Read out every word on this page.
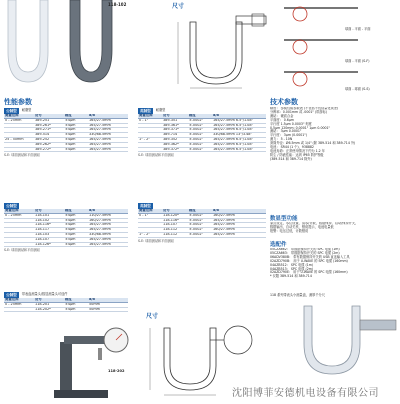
118-102	尺寸
球面 - 平面 - 平面
球面 - 平面 (S-F)
球面 - 球面 (S-S)
性能参数
公制型	耐磨型
测量范围	货号	精度	a/b
0 - 25mm	389-251	±4μm	165/27.5mm
	389-261*	±4μm	165/27.5mm
	389-271*	±4μm	165/27.5mm
	389-514	±4μm	330/88.5mm
25 - 50mm	389-252	±4μm	165/27.5mm
	389-262*	±4μm	165/27.5mm
	389-272*	±4μm	165/27.5mm
S-E: 球面测砧和平面测砧
公制型
测量范围	货号	精度	a/b
0 - 25mm	118-101	±4μm	110/27.5mm
	118-102	±4μm	160/27.5mm
	118-116*	±4μm	165/27.5mm
	118-117	±4μm	165/27.5mm
	118-103	±5μm	330/88.5mm
	118-107	±5μm	165/27.5mm
	118-126*	±4μm	165/27.5mm
S-E: 球面测砧和平面测砧
公制型	带表盘测量头/数显测量头可选件
测量范围	货号	精度	a/b
0 - 25mm	118-201	±4μm	50mm
	118-202*	±4μm	50mm
118-202
英制型	耐磨型
测量范围	货号	精度	a/b
0 - 1"	389-351	±.0002"	165/27.5mm 6.5"/1.08"
	389-361*	±.0002"	165/27.5mm 6.5"/1.08"
	389-371*	±.0002"	165/27.5mm 6.5"/1.08"
	389-714	±.0002"	330/88.5mm 13"/3.48"
1" - 2"	389-352	±.0002"	165/27.5mm 6.5"/1.08"
	389-362*	±.0002"	165/27.5mm 6.5"/1.08"
	389-372*	±.0002"	165/27.5mm 6.5"/1.08"
S-E: 球面测砧和平面测砧
英制型
测量范围	货号	精度	a/b
0 - 1"	118-120*	±.0002"	160/27.5mm
	118-116*	±.0002"	165/27.5mm
	118-107	±.0002"	165/27.5mm
	118-112	±.0002"	160/27.5mm
1" - 2"	118-112	±.0002"	165/27.5mm
S-E: 球面测砧和平面测砧
尺寸
技术参数
精度： 参阅性能参数表 (不包括不包括量化误差)
分辨率：0.001mm 或 .0001" (带游标)
测砧： 硬质合金
平面度： 0.6μm
平行度 1.5μm 0.0003" 刻度
0.5μm 120mm: 0.0001" 1μm 0.0001"
测砧： 3μm 0.0001"
平行度： 3μm (0.0001")
测力： 5 - 10N
套筒外径：Ø6.5mm 或 1/4" (除 389-514 和 389-714 外)
电池： SR44 (1 个)，938882
电池寿命：正常使用情况下约为 1.2 年
防尘 / 防液性能：达到 IP65 防护等级
(389-514 和 389-714 除外)
数显型功能
原点设定，零位设置，清零/计数，数据保持，启动/保持开关，
数据输出，自动关机，错误提示，电池电量低
报警：电压过低，计数错误
选配件
05CZA662： 带数据保持开关的 SPC 电缆 (1m)
05CZA663： 带数据保持开关的 SPC 电缆 (2m)
06ADV380B： 带有数据保持开关的 USB 直连输入工具
02AZD790B： 用于 U-WAVE 的 SPC 电缆 (160mm)
04AZB512： SPC 电缆 (1m)
04AZB513： SPC 电缆 (2m)
02AZD790E： 用于 U-WAVE 的 SPC 电缆 (160mm)
* 仅限 389-514 和 389-714
118 系列带表头小测量盘，测厚千分尺
沈阳博菲安德机电设备有限公司
